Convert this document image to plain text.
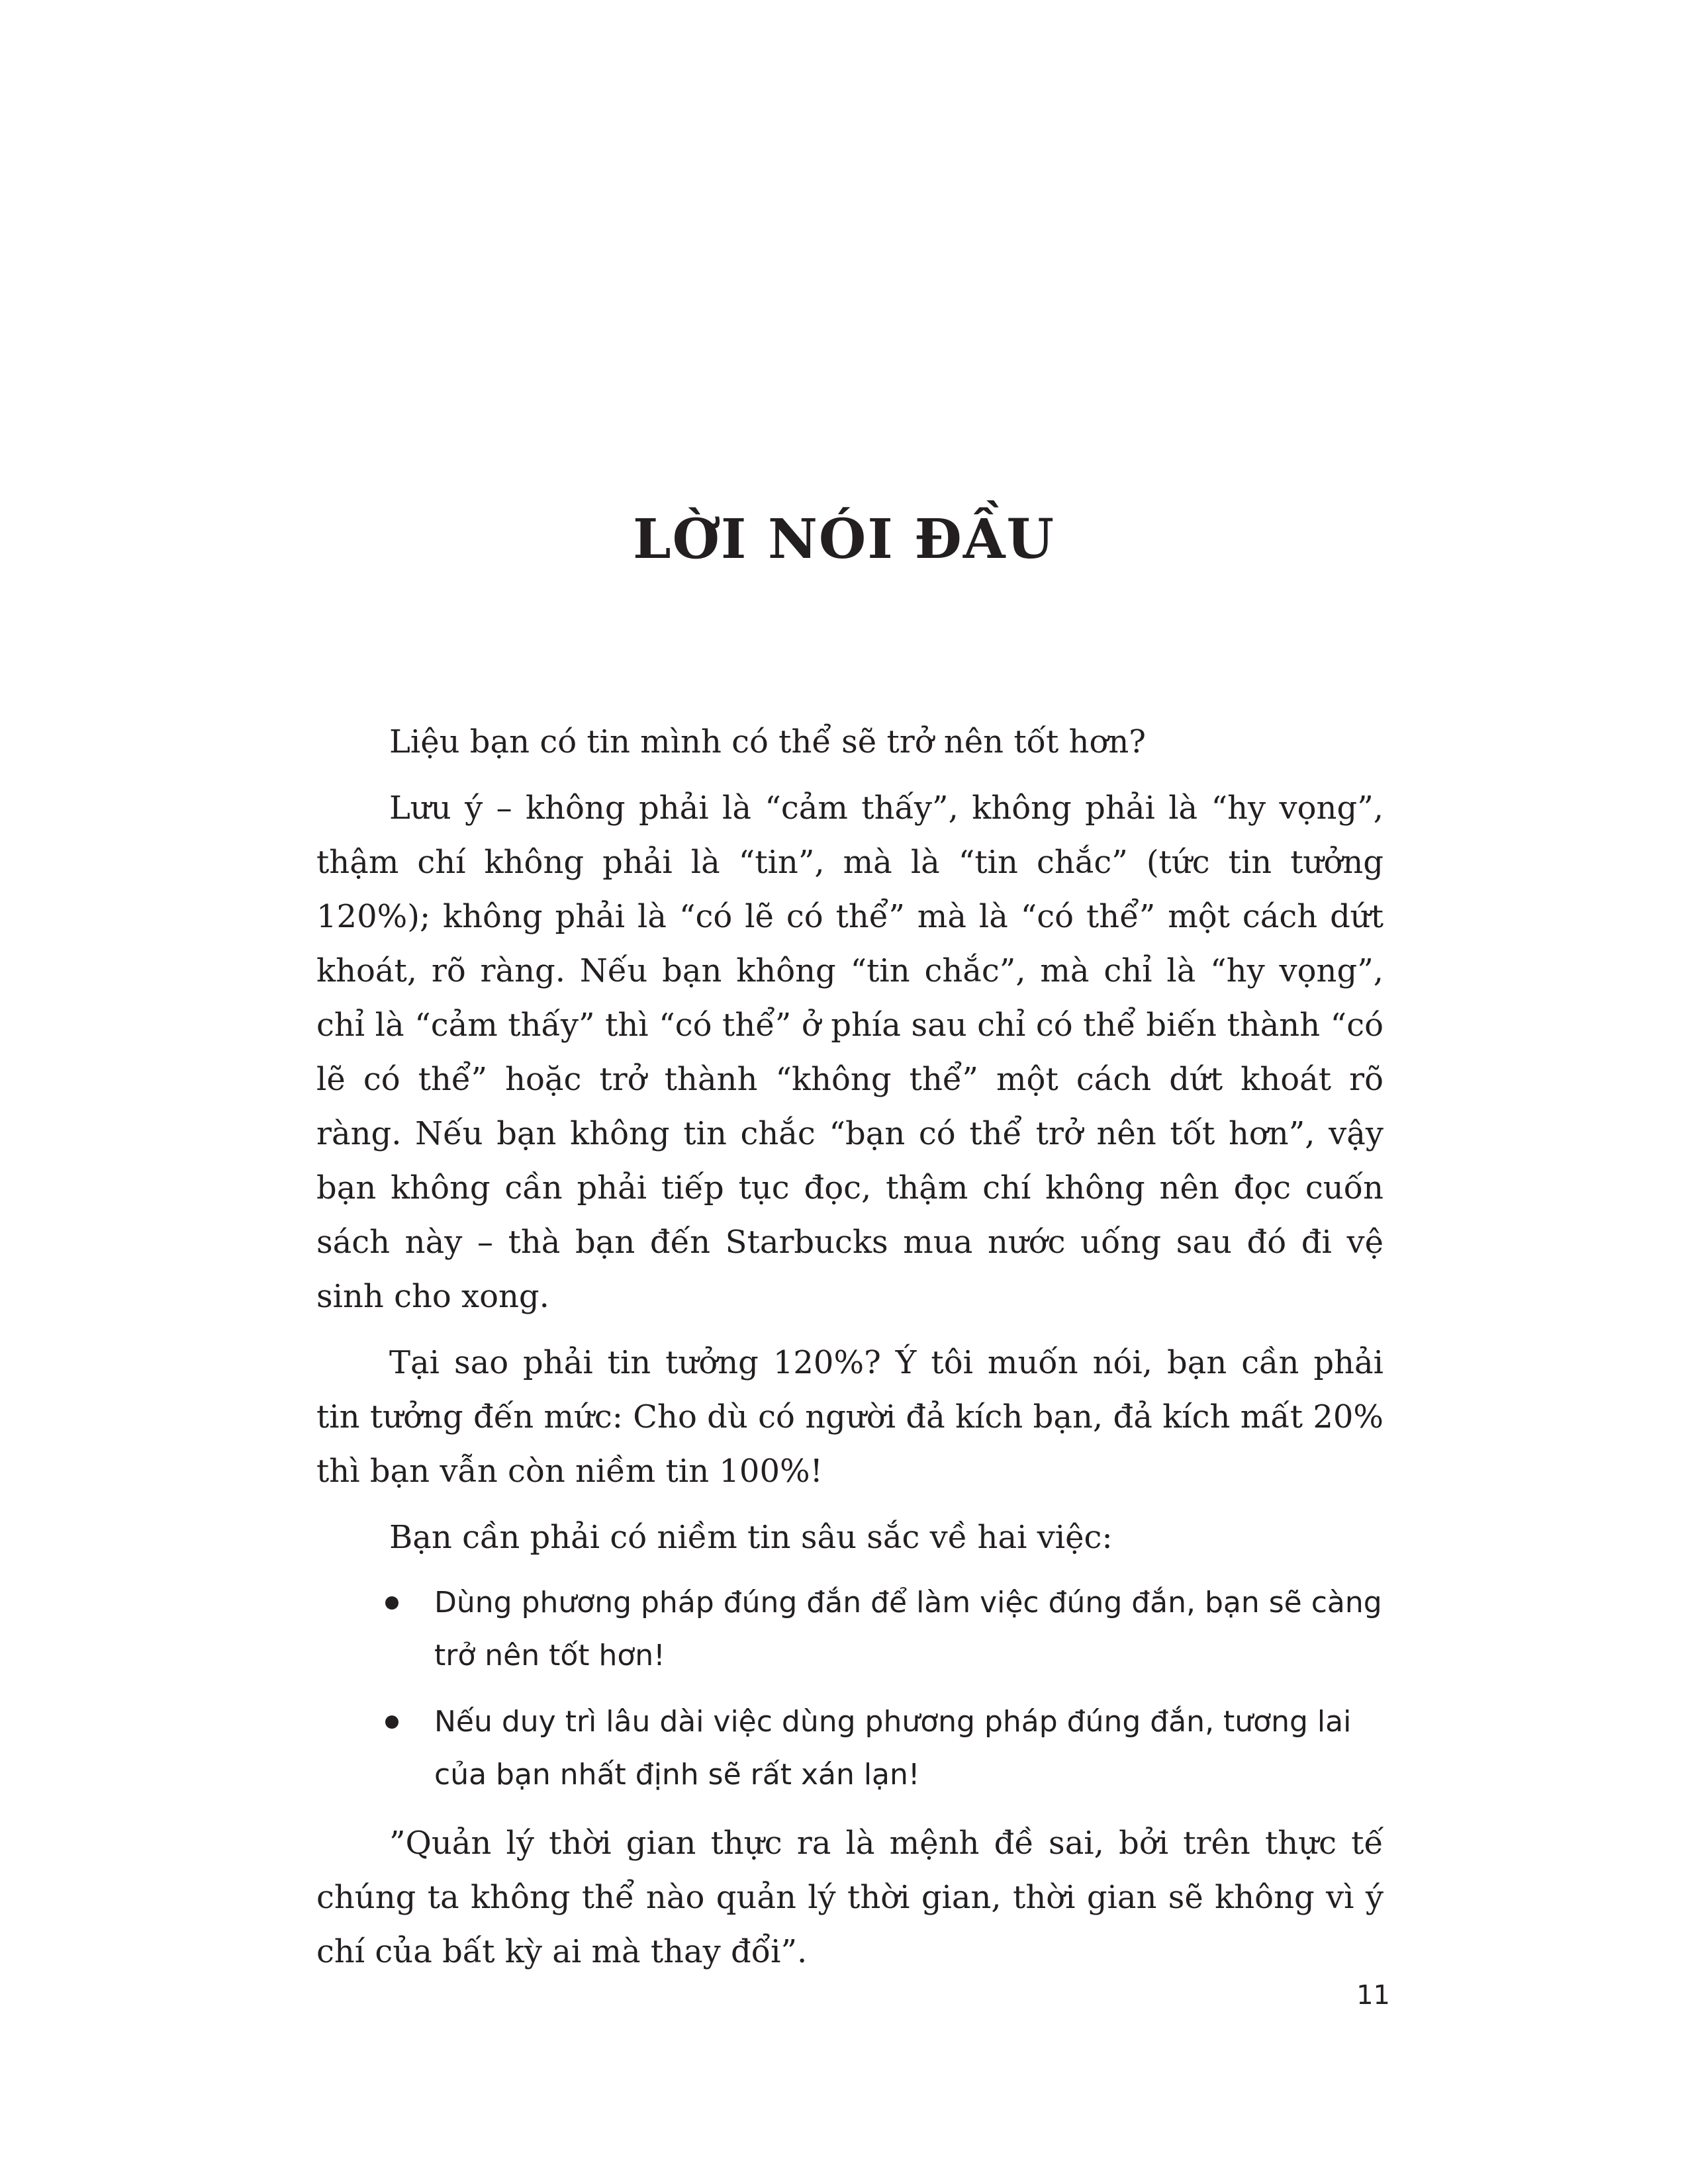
LỜI NÓI ĐẦU

Liệu bạn có tin mình có thể sẽ trở nên tốt hơn?

Lưu ý – không phải là “cảm thấy”, không phải là “hy vọng”, thậm chí không phải là “tin”, mà là “tin chắc” (tức tin tưởng 120%); không phải là “có lẽ có thể” mà là “có thể” một cách dứt khoát, rõ ràng. Nếu bạn không “tin chắc”, mà chỉ là “hy vọng”, chỉ là “cảm thấy” thì “có thể” ở phía sau chỉ có thể biến thành “có lẽ có thể” hoặc trở thành “không thể” một cách dứt khoát rõ ràng. Nếu bạn không tin chắc “bạn có thể trở nên tốt hơn”, vậy bạn không cần phải tiếp tục đọc, thậm chí không nên đọc cuốn sách này – thà bạn đến Starbucks mua nước uống sau đó đi vệ sinh cho xong.

Tại sao phải tin tưởng 120%? Ý tôi muốn nói, bạn cần phải tin tưởng đến mức: Cho dù có người đả kích bạn, đả kích mất 20% thì bạn vẫn còn niềm tin 100%!

Bạn cần phải có niềm tin sâu sắc về hai việc:

Dùng phương pháp đúng đắn để làm việc đúng đắn, bạn sẽ càng trở nên tốt hơn!
Nếu duy trì lâu dài việc dùng phương pháp đúng đắn, tương lai của bạn nhất định sẽ rất xán lạn!

”Quản lý thời gian thực ra là mệnh đề sai, bởi trên thực tế chúng ta không thể nào quản lý thời gian, thời gian sẽ không vì ý chí của bất kỳ ai mà thay đổi”.

11
